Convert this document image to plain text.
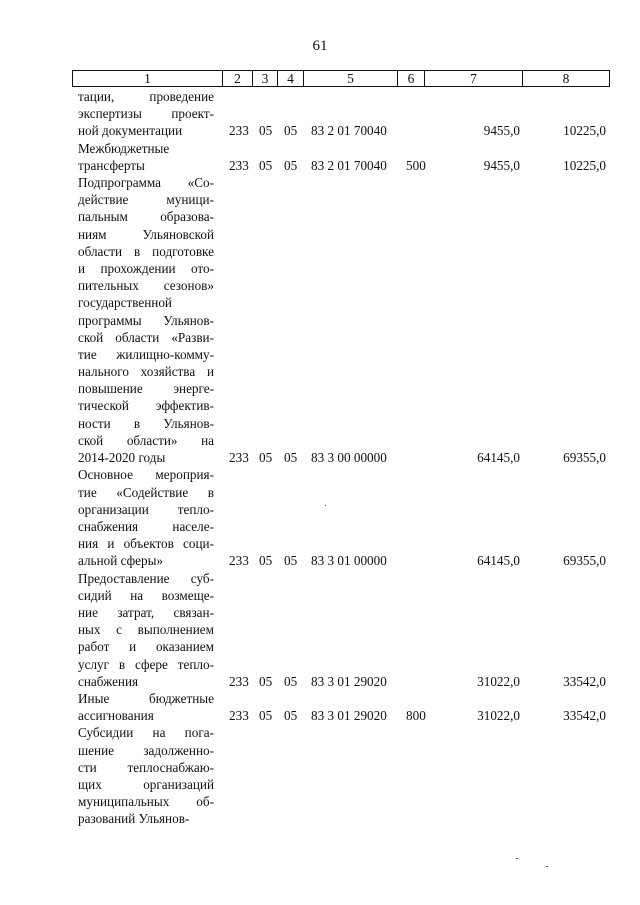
61
1	2	3	4	5	6	7	8
тации, проведение
экспертизы проект-
ной документации	233 05 05 83 2 01 70040	9455,0	10225,0
Межбюджетные
трансферты	233 05 05 83 2 01 70040 500	9455,0	10225,0
Подпрограмма «Со-
действие муници-
пальным образова-
ниям Ульяновской
области в подготовке
и прохождении ото-
пительных сезонов»
государственной
программы Ульянов-
ской области «Разви-
тие жилищно-комму-
нального хозяйства и
повышение энерге-
тической эффектив-
ности в Ульянов-
ской области» на
2014-2020 годы	233 05 05 83 3 00 00000	64145,0	69355,0
Основное мероприя-
тие «Содействие в
организации тепло-
снабжения населе-
ния и объектов соци-
альной сферы»	233 05 05 83 3 01 00000	64145,0	69355,0
Предоставление суб-
сидий на возмеще-
ние затрат, связан-
ных с выполнением
работ и оказанием
услуг в сфере тепло-
снабжения	233 05 05 83 3 01 29020	31022,0	33542,0
Иные бюджетные
ассигнования	233 05 05 83 3 01 29020 800	31022,0	33542,0
Субсидии на пога-
шение задолженно-
сти теплоснабжаю-
щих организаций
муниципальных об-
разований Ульянов-
